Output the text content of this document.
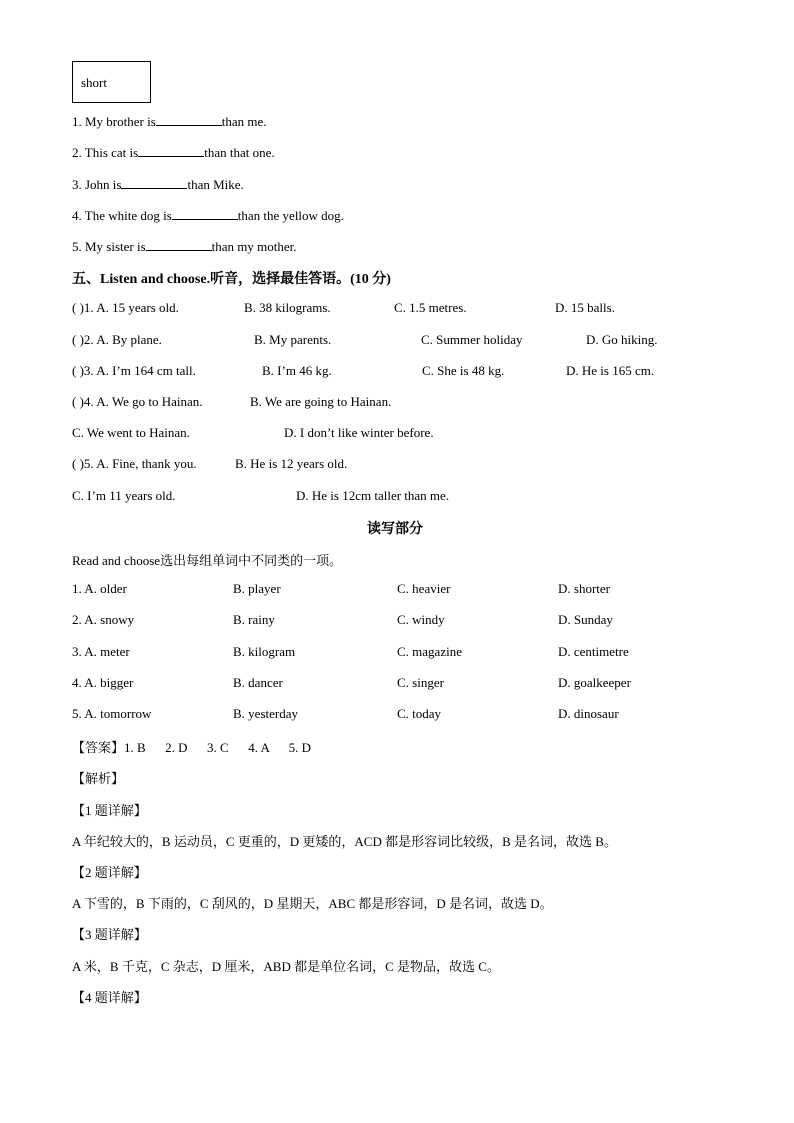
short
1. My brother is	than me.
2. This cat is	than that one.
3. John is	than Mike.
4. The white dog is	than the yellow dog.
5. My sister is	than my mother.
五、Listen and choose.听音，选择最佳答语。(10 分)
( )1. A. 15 years old.	B. 38 kilograms.	C. 1.5 metres.	D. 15 balls.
( )2. A. By plane.	B. My parents.	C. Summer holiday	D. Go hiking.
( )3. A. I’m 164 cm tall.	B. I’m 46 kg.	C. She is 48 kg.	D. He is 165 cm.
( )4. A. We go to Hainan.	B. We are going to Hainan.
C. We went to Hainan.	D. I don’t like winter before.
( )5. A. Fine, thank you.	B. He is 12 years old.
C. I’m 11 years old.	D. He is 12cm taller than me.
读写部分
Read and choose选出每组单词中不同类的一项。
1. A. older	B. player	C. heavier	D. shorter
2. A. snowy	B. rainy	C. windy	D. Sunday
3. A. meter	B. kilogram	C. magazine	D. centimetre
4. A. bigger	B. dancer	C. singer	D. goalkeeper
5. A. tomorrow	B. yesterday	C. today	D. dinosaur
【答案】1. B      2. D      3. C      4. A      5. D
【解析】
【1 题详解】
A 年纪较大的，B 运动员，C 更重的，D 更矮的，ACD 都是形容词比较级，B 是名词，故选 B。
【2 题详解】
A 下雪的，B 下雨的，C 刮风的，D 星期天，ABC 都是形容词，D 是名词，故选 D。
【3 题详解】
A 米，B 千克，C 杂志，D 厘米，ABD 都是单位名词，C 是物品，故选 C。
【4 题详解】
